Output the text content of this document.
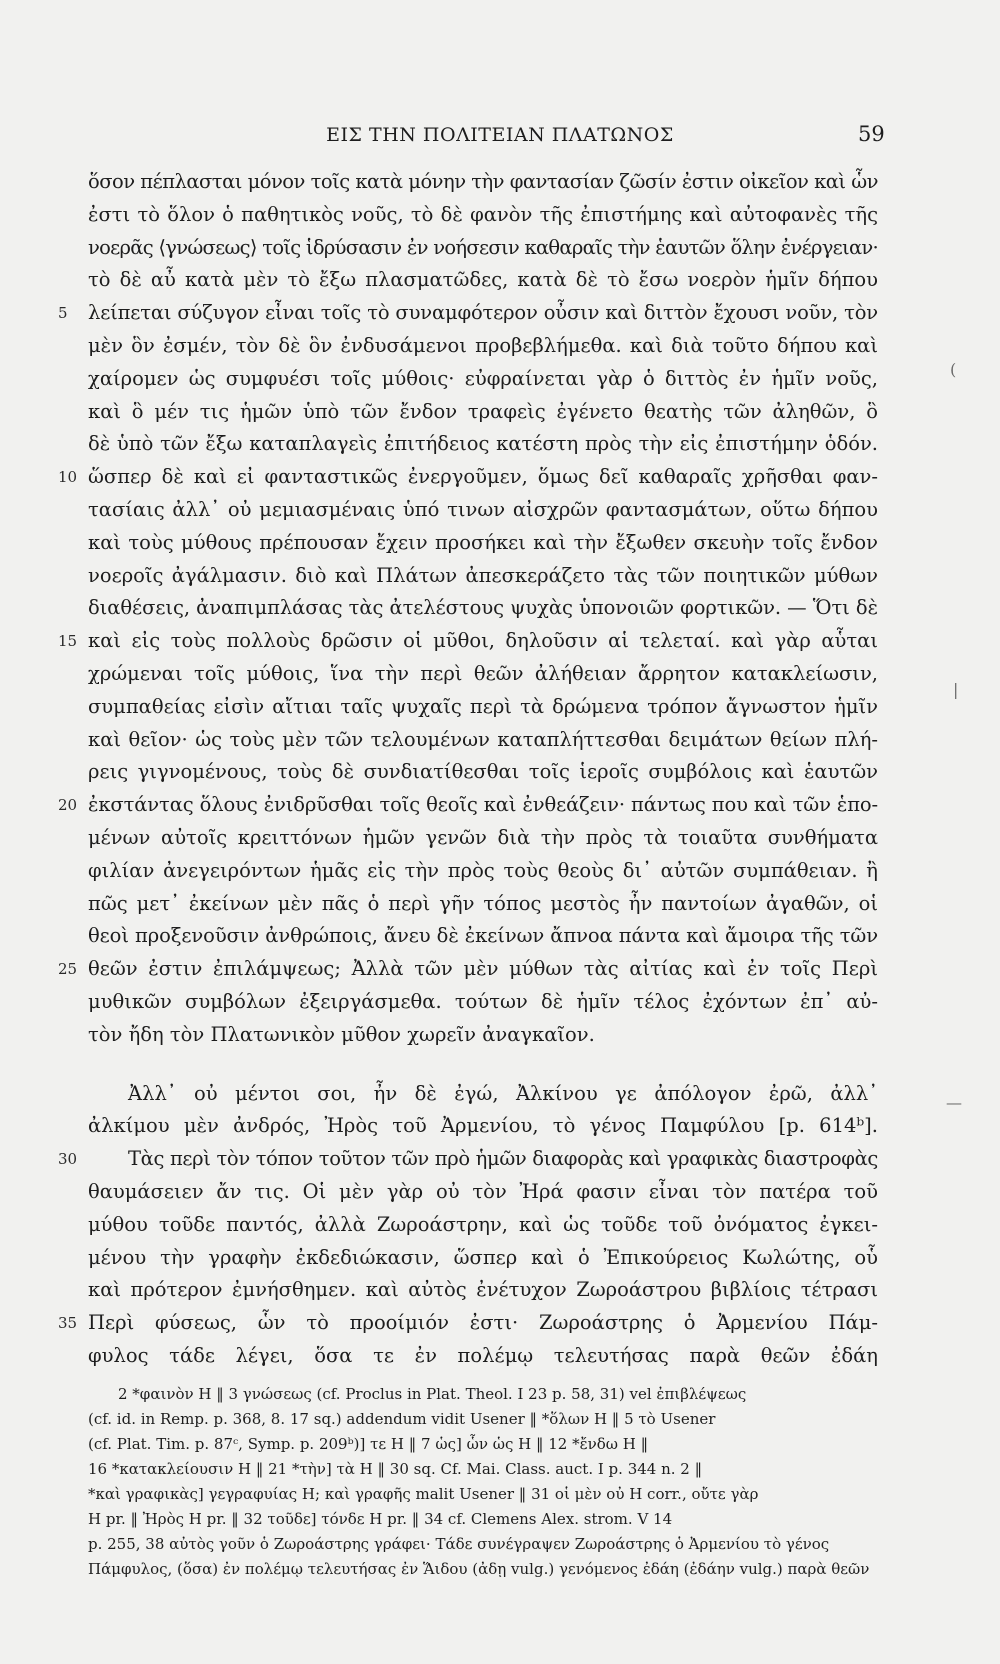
ΕΙΣ ΤΗΝ ΠΟΛΙΤΕΙΑΝ ΠΛΑΤΩΝΟΣ	59
ὅσον πέπλασται μόνον τοῖς κατὰ μόνην τὴν φαντασίαν ζῶσίν ἐστιν οἰκεῖον καὶ ὧν
ἐστι τὸ ὅλον ὁ παθητικὸς νοῦς, τὸ δὲ φανὸν τῆς ἐπιστήμης καὶ αὐτοφανὲς τῆς
νοερᾶς ⟨γνώσεως⟩ τοῖς ἱδρύσασιν ἐν νοήσεσιν καθαραῖς τὴν ἑαυτῶν ὅλην ἐνέργειαν·
τὸ δὲ αὖ κατὰ μὲν τὸ ἔξω πλασματῶδες, κατὰ δὲ τὸ ἔσω νοερὸν ἡμῖν δήπου
λείπεται σύζυγον εἶναι τοῖς τὸ συναμφότερον οὖσιν καὶ διττὸν ἔχουσι νοῦν, τὸν
5
μὲν ὃν ἐσμέν, τὸν δὲ ὃν ἐνδυσάμενοι προβεβλήμεθα. καὶ διὰ τοῦτο δήπου καὶ
χαίρομεν ὡς συμφυέσι τοῖς μύθοις· εὐφραίνεται γὰρ ὁ διττὸς ἐν ἡμῖν νοῦς,
καὶ ὃ μέν τις ἡμῶν ὑπὸ τῶν ἔνδον τραφεὶς ἐγένετο θεατὴς τῶν ἀληθῶν, ὃ
δὲ ὑπὸ τῶν ἔξω καταπλαγεὶς ἐπιτήδειος κατέστη πρὸς τὴν εἰς ἐπιστήμην ὁδόν.
ὥσπερ δὲ καὶ εἰ φανταστικῶς ἐνεργοῦμεν, ὅμως δεῖ καθαραῖς χρῆσθαι φαν-
10
τασίαις ἀλλ᾽ οὐ μεμιασμέναις ὑπό τινων αἰσχρῶν φαντασμάτων, οὕτω δήπου
καὶ τοὺς μύθους πρέπουσαν ἔχειν προσήκει καὶ τὴν ἔξωθεν σκευὴν τοῖς ἔνδον
νοεροῖς ἀγάλμασιν. διὸ καὶ Πλάτων ἀπεσκεράζετο τὰς τῶν ποιητικῶν μύθων
διαθέσεις, ἀναπιμπλάσας τὰς ἀτελέστους ψυχὰς ὑπονοιῶν φορτικῶν. — Ὅτι δὲ
καὶ εἰς τοὺς πολλοὺς δρῶσιν οἱ μῦθοι, δηλοῦσιν αἱ τελεταί. καὶ γὰρ αὗται
15
χρώμεναι τοῖς μύθοις, ἵνα τὴν περὶ θεῶν ἀλήθειαν ἄρρητον κατακλείωσιν,
συμπαθείας εἰσὶν αἴτιαι ταῖς ψυχαῖς περὶ τὰ δρώμενα τρόπον ἄγνωστον ἡμῖν
καὶ θεῖον· ὡς τοὺς μὲν τῶν τελουμένων καταπλήττεσθαι δειμάτων θείων πλή-
ρεις γιγνομένους, τοὺς δὲ συνδιατίθεσθαι τοῖς ἱεροῖς συμβόλοις καὶ ἑαυτῶν
ἐκστάντας ὅλους ἐνιδρῦσθαι τοῖς θεοῖς καὶ ἐνθεάζειν· πάντως που καὶ τῶν ἑπο-
20
μένων αὐτοῖς κρειττόνων ἡμῶν γενῶν διὰ τὴν πρὸς τὰ τοιαῦτα συνθήματα
φιλίαν ἀνεγειρόντων ἡμᾶς εἰς τὴν πρὸς τοὺς θεοὺς δι᾽ αὐτῶν συμπάθειαν. ἢ
πῶς μετ᾽ ἐκείνων μὲν πᾶς ὁ περὶ γῆν τόπος μεστὸς ἦν παντοίων ἀγαθῶν, οἱ
θεοὶ προξενοῦσιν ἀνθρώποις, ἄνευ δὲ ἐκείνων ἄπνοα πάντα καὶ ἄμοιρα τῆς τῶν
θεῶν ἐστιν ἐπιλάμψεως; Ἀλλὰ τῶν μὲν μύθων τὰς αἰτίας καὶ ἐν τοῖς Περὶ
25
μυθικῶν συμβόλων ἐξειργάσμεθα. τούτων δὲ ἡμῖν τέλος ἐχόντων ἐπ᾽ αὐ-
τὸν ἤδη τὸν Πλατωνικὸν μῦθον χωρεῖν ἀναγκαῖον.
Ἀλλ᾽ οὐ μέντοι σοι, ἦν δὲ ἐγώ, Ἀλκίνου γε ἀπόλογον ἐρῶ, ἀλλ᾽
ἀλκίμου μὲν ἀνδρός, Ἠρὸς τοῦ Ἀρμενίου, τὸ γένος Παμφύλου [p. 614ᵇ].
Τὰς περὶ τὸν τόπον τοῦτον τῶν πρὸ ἡμῶν διαφορὰς καὶ γραφικὰς διαστροφὰς
30
θαυμάσειεν ἄν τις. Οἱ μὲν γὰρ οὐ τὸν Ἠρά φασιν εἶναι τὸν πατέρα τοῦ
μύθου τοῦδε παντός, ἀλλὰ Ζωροάστρην, καὶ ὡς τοῦδε τοῦ ὀνόματος ἐγκει-
μένου τὴν γραφὴν ἐκδεδιώκασιν, ὥσπερ καὶ ὁ Ἐπικούρειος Κωλώτης, οὗ
καὶ πρότερον ἐμνήσθημεν. καὶ αὐτὸς ἐνέτυχον Ζωροάστρου βιβλίοις τέτρασι
Περὶ φύσεως, ὧν τὸ προοίμιόν ἐστι· Ζωροάστρης ὁ Ἀρμενίου Πάμ-
35
φυλος τάδε λέγει, ὅσα τε ἐν πολέμῳ τελευτήσας παρὰ θεῶν ἐδάη
(
|
—
2 *φαινὸν H ‖ 3 γνώσεως (cf. Proclus in Plat. Theol. I 23 p. 58, 31) vel ἐπιβλέψεως
(cf. id. in Remp. p. 368, 8. 17 sq.) addendum vidit Usener ‖ *ὅλων H ‖ 5 τὸ Usener
(cf. Plat. Tim. p. 87ᶜ, Symp. p. 209ᵇ)] τε H ‖ 7 ὡς] ὧν ὡς H ‖ 12 *ἔνδω H ‖
16 *κατακλείουσιν H ‖ 21 *τὴν] τὰ H ‖ 30 sq. Cf. Mai. Class. auct. I p. 344 n. 2 ‖
*καὶ γραφικὰς] γεγραφυίας H; καὶ γραφῆς malit Usener ‖ 31 οἱ μὲν οὐ H corr., οὔτε γὰρ
H pr. ‖ Ἠρὸς H pr. ‖ 32 τοῦδε] τόνδε H pr. ‖ 34 cf. Clemens Alex. strom. V 14
p. 255, 38 αὐτὸς γοῦν ὁ Ζωροάστρης γράφει· Τάδε συνέγραψεν Ζωροάστρης ὁ Ἀρμενίου τὸ γένος
Πάμφυλος, (ὅσα) ἐν πολέμῳ τελευτήσας ἐν Ἅιδου (ἀδῃ vulg.) γενόμενος ἐδάη (ἐδάην vulg.) παρὰ θεῶν
